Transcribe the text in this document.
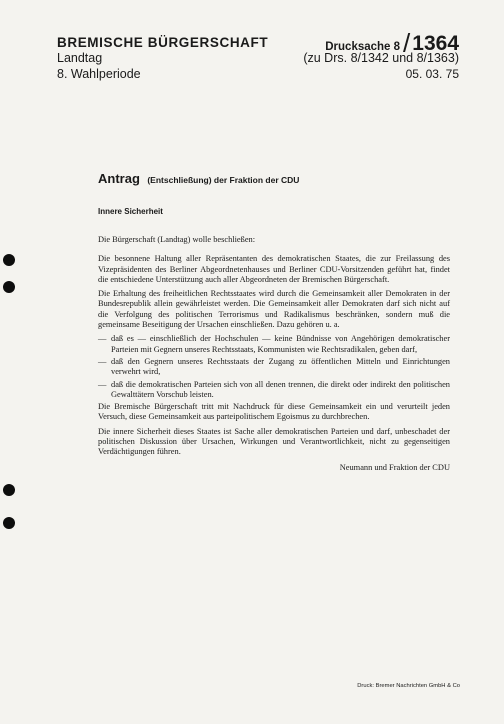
BREMISCHE BÜRGERSCHAFT
Landtag
8. Wahlperiode
Drucksache 8 / 1364
(zu Drs. 8/1342 und 8/1363)
05. 03. 75
Antrag (Entschließung) der Fraktion der CDU
Innere Sicherheit

Die Bürgerschaft (Landtag) wolle beschließen:

Die besonnene Haltung aller Repräsentanten des demokratischen Staates, die zur Freilassung des Vizepräsidenten des Berliner Abgeordnetenhauses und Berliner CDU-Vorsitzenden geführt hat, findet die entschiedene Unterstützung auch aller Abgeordneten der Bremischen Bürgerschaft.

Die Erhaltung des freiheitlichen Rechtsstaates wird durch die Gemeinsamkeit aller Demokraten in der Bundesrepublik allein gewährleistet werden. Die Gemeinsamkeit aller Demokraten darf sich nicht auf die Verfolgung des politischen Terrorismus und Radikalismus beschränken, sondern muß die gemeinsame Beseitigung der Ursachen einschließen. Dazu gehören u. a.

— daß es — einschließlich der Hochschulen — keine Bündnisse von Angehörigen demokratischer Parteien mit Gegnern unseres Rechtsstaats, Kommunisten wie Rechtsradikalen, geben darf,
— daß den Gegnern unseres Rechtsstaats der Zugang zu öffentlichen Mitteln und Einrichtungen verwehrt wird,
— daß die demokratischen Parteien sich von all denen trennen, die direkt oder indirekt den politischen Gewalttätern Vorschub leisten.

Die Bremische Bürgerschaft tritt mit Nachdruck für diese Gemeinsamkeit ein und verurteilt jeden Versuch, diese Gemeinsamkeit aus parteipolitischem Egoismus zu durchbrechen.

Die innere Sicherheit dieses Staates ist Sache aller demokratischen Parteien und darf, unbeschadet der politischen Diskussion über Ursachen, Wirkungen und Verantwortlichkeit, nicht zu gegenseitigen Verdächtigungen führen.

Neumann und Fraktion der CDU

Druck: Bremer Nachrichten GmbH & Co
